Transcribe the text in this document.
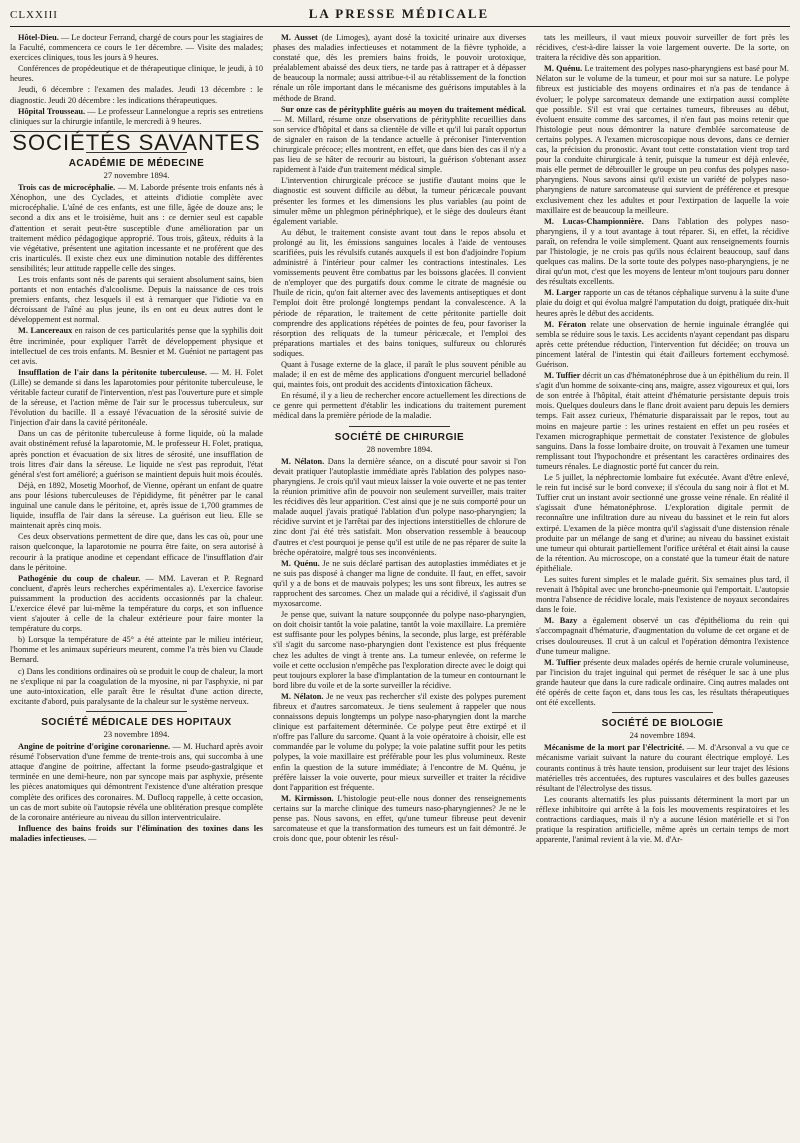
CLXXIII	LA PRESSE MÉDICALE

Hôtel-Dieu. — Le docteur Ferrand, chargé de cours pour les stagiaires de la Faculté, commencera ce cours le 1er décembre. — Visite des malades; exercices cliniques, tous les jours à 9 heures.

Conférences de propédeutique et de thérapeutique clinique, le jeudi, à 10 heures.

Jeudi, 6 décembre : l'examen des malades. Jeudi 13 décembre : le diagnostic. Jeudi 20 décembre : les indications thérapeutiques.

Hôpital Trousseau. — Le professeur Lannelongue a repris ses entretiens cliniques sur la chirurgie infantile, le mercredi à 9 heures.

SOCIÉTÉS SAVANTES
ACADÉMIE DE MÉDECINE
27 novembre 1894.

Trois cas de microcéphalie. — M. Laborde présente trois enfants nés à Xénophon, une des Cyclades, et atteints d'idiotie complète avec microcéphalie. L'aîné de ces enfants, est une fille, âgée de douze ans; le second a dix ans et le troisième, huit ans : ce dernier seul est capable d'attention et serait peut-être susceptible d'une amélioration par un traitement médico pédagogique approprié. Tous trois, gâteux, réduits à la vie végétative, présentent une agitation incessante et ne proférent que des cris inarticulés. Il existe chez eux une diminution notable des différentes sensibilités; leur attitude rappelle celle des singes.

Les trois enfants sont nés de parents qui seraient absolument sains, bien portants et non entachés d'alcoolisme. Depuis la naissance de ces trois premiers enfants, chez lesquels il est à remarquer que l'idiotie va en décroissant de l'aîné au plus jeune, ils en ont eu deux autres dont le développement est normal.

M. Lancereaux en raison de ces particularités pense que la syphilis doit être incriminée, pour expliquer l'arrêt de développement physique et intellectuel de ces trois enfants. M. Besnier et M. Guéniot ne partagent pas cet avis.

Insufflation de l'air dans la péritonite tuberculeuse. — M. H. Folet (Lille) se demande si dans les laparotomies pour péritonite tuberculeuse, le véritable facteur curatif de l'intervention, n'est pas l'ouverture pure et simple de la séreuse, et l'action même de l'air sur le processus tuberculeux, sur l'évolution du bacille. Il a essayé l'évacuation de la sérosité suivie de l'injection d'air dans la cavité péritonéale.

Dans un cas de péritonite tuberculeuse à forme liquide, où la malade avait obstinément refusé la laparotomie, M. le professeur H. Folet, pratiqua, après ponction et évacuation de six litres de sérosité, une insufflation de trois litres d'air dans la séreuse. Le liquide ne s'est pas reproduit, l'état général s'est fort amélioré; a guérison se maintient depuis huit mois écoulés.

Déjà, en 1892, Mosetig Moorhof, de Vienne, opérant un enfant de quatre ans pour lésions tuberculeuses de l'épididyme, fit pénétrer par le canal inguinal une canule dans le péritoine, et, après issue de 1,700 grammes de liquide, insuffla de l'air dans la séreuse. La guérison eut lieu. Elle se maintenait après cinq mois.

Ces deux observations permettent de dire que, dans les cas où, pour une raison quelconque, la laparotomie ne pourra être faite, on sera autorisé à recourir à la pratique anodine et cependant efficace de l'insufflation d'air dans le péritoine.

Pathogénie du coup de chaleur. — MM. Laveran et P. Regnard concluent, d'après leurs recherches expérimentales a). L'exercice favorise puissamment la production des accidents occasionnés par la chaleur. L'exercice élevé par lui-même la température du corps, et son influence vient s'ajouter à celle de la chaleur extérieure pour faire monter la température du corps.

b) Lorsque la température de 45° a été atteinte par le milieu intérieur, l'homme et les animaux supérieurs meurent, comme l'a très bien vu Claude Bernard.

c) Dans les conditions ordinaires où se produit le coup de chaleur, la mort ne s'explique ni par la coagulation de la myosine, ni par l'asphyxie, ni par une auto-intoxication, elle paraît être le résultat d'une action directe, excitante d'abord, puis paralysante de la chaleur sur le système nerveux.

SOCIÉTÉ MÉDICALE DES HOPITAUX
23 novembre 1894.

Angine de poitrine d'origine coronarienne. — M. Huchard après avoir résumé l'observation d'une femme de trente-trois ans, qui succomba à une attaque d'angine de poitrine, affectant la forme pseudo-gastralgique et terminée en une demi-heure, non par syncope mais par asphyxie, présente les pièces anatomiques qui démontrent l'existence d'une altération presque complète des orifices des coronaires. M. Duflocq rappelle, à cette occasion, un cas de mort subite où l'autopsie révéla une oblitération presque complète de la coronaire antérieure au niveau du sillon interventriculaire.

Influence des bains froids sur l'élimination des toxines dans les maladies infectieuses. —

M. Ausset (de Limoges), ayant dosé la toxicité urinaire aux diverses phases des maladies infectieuses et notamment de la fièvre typhoïde, a constaté que, dès les premiers bains froids, le pouvoir urotoxique, préalablement abaissé des deux tiers, ne tarde pas à rattraper et à dépasser de beaucoup la normale; aussi attribue-t-il au rétablissement de la fonction rénale un rôle important dans le mécanisme des guérisons imputables à la méthode de Brand.

Sur onze cas de pérityphlite guéris au moyen du traitement médical. — M. Millard, résume onze observations de pérityphlite recueillies dans son service d'hôpital et dans sa clientèle de ville et qu'il lui paraît opportun de signaler en raison de la tendance actuelle à préconiser l'intervention chirurgicale précoce; elles montrent, en effet, que dans bien des cas il n'y a pas lieu de se hâter de recourir au bistouri, la guérison s'obtenant assez rapidement à l'aide d'un traitement médical simple.

L'intervention chirurgicale précoce se justifie d'autant moins que le diagnostic est souvent difficile au début, la tumeur péricæcale pouvant présenter les formes et les dimensions les plus variables (au point de simuler même un phlegmon périnéphrique), et le siège des douleurs étant également variable.

Au début, le traitement consiste avant tout dans le repos absolu et prolongé au lit, les émissions sanguines locales à l'aide de ventouses scarifiées, puis les révulsifs cutanés auxquels il est bon d'adjoindre l'opium administré à l'intérieur pour calmer les contractions intestinales. Les vomissements peuvent être combattus par les boissons glacées. Il convient de n'employer que des purgatifs doux comme le citrate de magnésie ou l'huile de ricin, qu'on fait alterner avec des lavements antiseptiques et dont l'emploi doit être prolongé longtemps pendant la convalescence. A la période de réparation, le traitement de cette péritonite partielle doit comprendre des applications répétées de pointes de feu, pour favoriser la résorption des reliquats de la tumeur péricæcale, et l'emploi des préparations martiales et des bains toniques, sulfureux ou chlorurés sodiques.

Quant à l'usage externe de la glace, il paraît le plus souvent pénible au malade; il en est de même des applications d'onguent mercuriel belladoné qui, maintes fois, ont produit des accidents d'intoxication fâcheux.

En résumé, il y a lieu de rechercher encore actuellement les directions de ce genre qui permettent d'établir les indications du traitement purement médical dans la première période de la maladie.

SOCIÉTÉ DE CHIRURGIE
28 novembre 1894.

M. Nélaton. Dans la dernière séance, on a discuté pour savoir si l'on devait pratiquer l'autoplastie immédiate après l'ablation des polypes naso-pharyngiens. Je crois qu'il vaut mieux laisser la voie ouverte et ne pas tenter la réunion primitive afin de pouvoir non seulement surveiller, mais traiter les récidives dès leur apparition. C'est ainsi que je ne suis comporté pour un malade auquel j'avais pratiqué l'ablation d'un polype naso-pharyngien; la récidive survint et je l'arrêtai par des injections interstitielles de chlorure de zinc dont j'ai été très satisfait. Mon observation ressemble à beaucoup d'autres et c'est pourquoi je pense qu'il est utile de ne pas réparer de suite la brèche opératoire, malgré tous ses inconvénients.

M. Quénu. Je ne suis déclaré partisan des autoplasties immédiates et je ne suis pas disposé à changer ma ligne de conduite. Il faut, en effet, savoir qu'il y a de bons et de mauvais polypes; les uns sont fibreux, les autres se rapprochent des sarcomes. Chez un malade qui a récidivé, il s'agissait d'un myxosarcome.

Je pense que, suivant la nature soupçonnée du polype naso-pharyngien, on doit choisir tantôt la voie palatine, tantôt la voie maxillaire. La première est suffisante pour les polypes bénins, la seconde, plus large, est préférable s'il s'agit du sarcome naso-pharyngien dont l'existence est plus fréquente chez les adultes de vingt à trente ans. La tumeur enlevée, on referme le voile et cette occlusion n'empêche pas l'exploration directe avec le doigt qui peut toujours explorer la base d'implantation de la tumeur en contournant le bord libre du voile et de la sorte surveiller la récidive.

M. Nélaton. Je ne veux pas rechercher s'il existe des polypes purement fibreux et d'autres sarcomateux. Je tiens seulement à rappeler que nous connaissons depuis longtemps un polype naso-pharyngien dont la marche clinique est parfaitement déterminée. Ce polype peut être extirpé et il n'offre pas l'allure du sarcome. Quant à la voie opératoire à choisir, elle est commandée par le volume du polype; la voie palatine suffit pour les petits polypes, la voie maxillaire est préférable pour les plus volumineux. Reste enfin la question de la suture immédiate; à l'encontre de M. Quénu, je préfère laisser la voie ouverte, pour mieux surveiller et traiter la récidive dont l'apparition est fréquente.

M. Kirmisson. L'histologie peut-elle nous donner des renseignements certains sur la marche clinique des tumeurs naso-pharyngiennes? Je ne le pense pas. Nous savons, en effet, qu'une tumeur fibreuse peut devenir sarcomateuse et que la transformation des tumeurs est un fait démontré. Je crois donc que, pour obtenir les résul-

tats les meilleurs, il vaut mieux pouvoir surveiller de fort près les récidives, c'est-à-dire laisser la voie largement ouverte. De la sorte, on traitera la récidive dès son apparition.

M. Quénu. Le traitement des polypes naso-pharyngiens est basé pour M. Nélaton sur le volume de la tumeur, et pour moi sur sa nature. Le polype fibreux est justiciable des moyens ordinaires et n'a pas de tendance à évoluer; le polype sarcomateux demande une extirpation aussi complète que possible. S'il est vrai que certaines tumeurs, fibreuses au début, évoluent ensuite comme des sarcomes, il n'en faut pas moins retenir que l'histologie peut nous démontrer la nature d'emblée sarcomateuse de certains polypes. A l'examen microscopique nous devons, dans ce dernier cas, la précision du pronostic. Avant tout cette constatation vient trop tard pour la conduite chirurgicale à tenir, puisque la tumeur est déjà enlevée, mais elle permet de débrouiller le groupe un peu confus des polypes naso-pharyngiens. Nous savons ainsi qu'il existe un variété de polypes naso-pharyngiens de nature sarcomateuse qui survient de préférence et presque exclusivement chez les adultes et pour l'extirpation de laquelle la voie maxillaire est de beaucoup la meilleure.

M. Lucas-Championnière. Dans l'ablation des polypes naso-pharyngiens, il y a tout avantage à tout réparer. Si, en effet, la récidive paraît, on refendra le voile simplement. Quant aux renseignements fournis par l'histologie, je ne crois pas qu'ils nous éclairent beaucoup, sauf dans quelques cas malins. De la sorte toute des polypes naso-pharyngiens, je ne dirai qu'un mot, c'est que les moyens de lenteur m'ont toujours paru donner des résultats excellents.

M. Larger rapporte un cas de tétanos céphalique survenu à la suite d'une plaie du doigt et qui évolua malgré l'amputation du doigt, pratiquée dix-huit heures après le début des accidents.

M. Fératon relate une observation de hernie inguinale étranglée qui sembla se réduire sous le taxis. Les accidents n'ayant cependant pas disparu après cette prétendue réduction, l'intervention fut décidée; on trouva un pincement latéral de l'intestin qui était d'ailleurs fortement ecchymosé. Guérison.

M. Tuffier décrit un cas d'hématonéphrose due à un épithélium du rein. Il s'agit d'un homme de soixante-cinq ans, maigre, assez vigoureux et qui, lors de son entrée à l'hôpital, était atteint d'hématurie persistante depuis trois mois. Quelques douleurs dans le flanc droit avaient paru depuis les derniers temps. Fait assez curieux, l'hématurie disparaissait par le repos, tout au moins en majeure partie : les urines restaient en effet un peu rosées et l'examen micrographique permettait de constater l'existence de globules sanguins. Dans la fosse lombaire droite, on trouvait à l'examen une tumeur remplissant tout l'hypochondre et présentant les caractères ordinaires des tumeurs rénales. Le diagnostic porté fut cancer du rein.

Le 5 juillet, la néphrectomie lombaire fut exécutée. Avant d'être enlevé, le rein fut incisé sur le bord convexe; il s'écoula du sang noir à flot et M. Tuffier crut un instant avoir sectionné une grosse veine rénale. En réalité il s'agissait d'une hématonéphrose. L'exploration digitale permit de reconnaître une infiltration dure au niveau du bassinet et le rein fut alors extirpé. L'examen de la pièce montra qu'il s'agissait d'une distension rénale produite par un mélange de sang et d'urine; au niveau du bassinet existait une tumeur qui obturait partiellement l'orifice urétéral et était ainsi la cause de la rétention. Au microscope, on a constaté que la tumeur était de nature épithéliale.

Les suites furent simples et le malade guérit. Six semaines plus tard, il revenait à l'hôpital avec une broncho-pneumonie qui l'emportait. L'autopsie montra l'absence de récidive locale, mais l'existence de noyaux secondaires dans le foie.

M. Bazy a également observé un cas d'épithélioma du rein qui s'accompagnait d'hématurie, d'augmentation du volume de cet organe et de crises douloureuses. Il crut à un calcul et l'opération démontra l'existence d'une tumeur maligne.

M. Tuffier présente deux malades opérés de hernie crurale volumineuse, par l'incision du trajet inguinal qui permet de réséquer le sac à une plus grande hauteur que dans la cure radicale ordinaire. Cinq autres malades ont été opérés de cette façon et, dans tous les cas, les résultats thérapeutiques ont été excellents.

SOCIÉTÉ DE BIOLOGIE
24 novembre 1894.

Mécanisme de la mort par l'électricité. — M. d'Arsonval a vu que ce mécanisme variait suivant la nature du courant électrique employé. Les courants continus à très haute tension, produisent sur leur trajet des lésions matérielles très accentuées, des ruptures vasculaires et des bulles gazeuses résultant de l'électrolyse des tissus.

Les courants alternatifs les plus puissants déterminent la mort par un réflexe inhibitoire qui arrête à la fois les mouvements respiratoires et les contractions cardiaques, mais il n'y a aucune lésion matérielle et si l'on pratique la respiration artificielle, même après un certain temps de mort apparente, l'animal revient à la vie. M. d'Ar-
